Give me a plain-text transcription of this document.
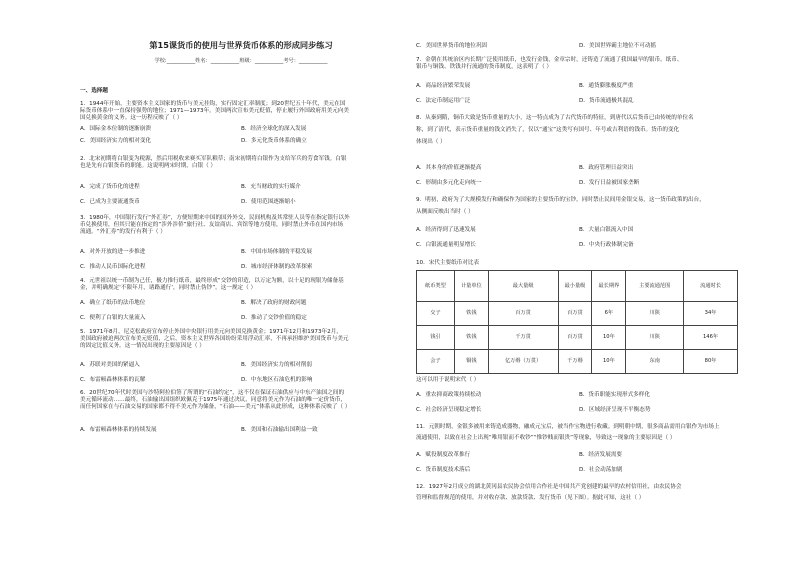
第15课货币的使用与世界货币体系的形成同步练习
学校:___________姓名：___________班级：___________考号：___________
一、选择题

1．1944年开始，主要资本主义国家的货币与美元挂钩，实行固定汇率制度；到20世纪五十年代，美元在国

际货币体系中一直保持强势的地位；1971—1973年，美国两次宣布美元贬值，停止履行外国政府用美元向美

国兑换黄金的义务。这一历程反映了（ ）

A．国际金本位制的逐渐崩溃	B．经济全球化的深入发展
C．美国经济实力的相对变化	D．多元化货币体系的确立

2．北宋初期将白银变为税源，然后用税收来赛买军队粮草；南宋初期将白银作为支给军兵的劳食军钱。白银

也是先有白银货币的职能。这说明两宋时期，白银（ ）

A．完成了货币化的进程	B．充当财政的实行媒介
C．已成为主要流通货币	D．使用范围逐渐缩小

3．1980年，中国银行发行“外汇券”，方便短期来中国的国外外交、民间机构及其常驻人员等在指定银行以外

币兑换使用，但其只能在指定的“涉外涉侨”旅行社、友谊商店、宾馆等地方使用，同时禁止外币在国内市场

流通。“外汇券”的发行有利于（ ）

A．对外开放的进一步推进	B．中国市场体制的平稳发展
C．推动人民币国际化进程	D．城市经济体制的改革探索

4．元世祖以统一币制为己任，极力推行纸币，最终形成“交钞的印造，以万定为额，以十足的现银为储备基

金，并明确规定‘不限年月，诸路通行’，同时禁止伪钞”。这一规定（ ）

A．确立了纸币的法币地位	B．解决了政府的财政问题
C．便利了白银的大量流入	D．推动了交钞价值的稳定

5．1971年8月，尼克松政府宣布停止外国中央银行用美元向美国兑换黄金；1971年12月和1973年2月，

美国政府被迫两次宣布美元贬值，之后，资本主义世界各国纷纷采用浮动汇率，不再承担维护美国货币与美元

的固定比值义务。这一情况出现的主要原因是（ ）

A．苏联对美国的紧逼入	B．美国经济实力的相对削弱
C．布雷顿森林体系的瓦解	D．中东地区石油危机的影响

6．20世纪70年代时美国与沙特阿拉伯签了所谓的“石油约定”，这不仅在保证石油供应与中东产油国之间的

美元循环流动……最终，石油输出国组织欧佩克于1975年通过决议，同意将美元作为石油的唯一定价货币，

而任何国家在与石油交易的国家都不得不美元作为储备，“石油——美元”体系从此形成，这种体系反映了（ ）

A．布雷顿森林体系的持续发展	B．美国和石油输出国利益一致
C．美国世界货币的地位巩固	D．美国世界霸主地位不可动摇

7．金朝在其统治区内长期广泛使用纸币，也发行金钱，金章宗时，还铸造了流通了我国最早的银币，纸币、

银币与铜钱、铁钱并行流通的货币制度，这表明了（ ）

A．商品经济繁荣发展	B．通货膨胀极度严重
C．法定币制运用广泛	D．货币流通极其混乱

8．从秦到隋，铜币大致是货币重量的大小，这一特点成为了古代货币的特征，到唐代以后货币已由传统的单位名

称，到了清代，表示货币重量的钱文消失了，仅以“通宝”这类写有国号、年号或吉利语的钱币。货币的变化

体现出（ ）

A．其本身的价值逐渐提高	B．政府管理日益突出
C．形制由多元化走向统一	D．发行日益被国家垄断

9．明初，政府为了大规模发行和确保作为国家的主要货币的宝钞，同时禁止民间用金银交易，这一货币政策的出台，

从侧面反映出当时（ ）

A．经济得到了迅速发展	B．大量白银流入中国
C．白银流通量明显增长	D．中央行政体制完备

10．宋代主要纸币对比表

纸币类型	计量单位	最大量级	最小量级	最长期界	主要流通范围	流通时长
交子	铁钱	百万贯	百万贯	6年	川陕	34年
钱引	铁钱	千万贯	百万贯	10年	川陕	146年
会子	铜钱	亿万缗（万贯）	千万缗	10年	东南	80年

这可以用于说明宋代（ ）

A．重农抑商政策持续松动	B．货币职能实现形式多样化
C．社会经济呈现稳定增长	D．区域经济呈现不平衡态势

11．元朝时期，金银多被用来铸造成器物，融成元宝后，被当作宝物进行收藏。到明朝中期，很多商品需用白银作为市场上

流通使用，以致在社会上出现“唯用银而不收钞”“惟钞贱而银贵”等现象，导致这一现象的主要原因是（ ）

A．赋役制度改革推行	B．经济发展需要
C．货币制度技术落后	D．社会动荡加剧

12．1927年2月成立的湖北黄冈县农民协会信用合作社是中国共产党创建的最早的农村信用社，由农民协会

管理和监督规范的使用，并对收存款、放款贷款、发行货币（见下图）。据此可知，这社（ ）
